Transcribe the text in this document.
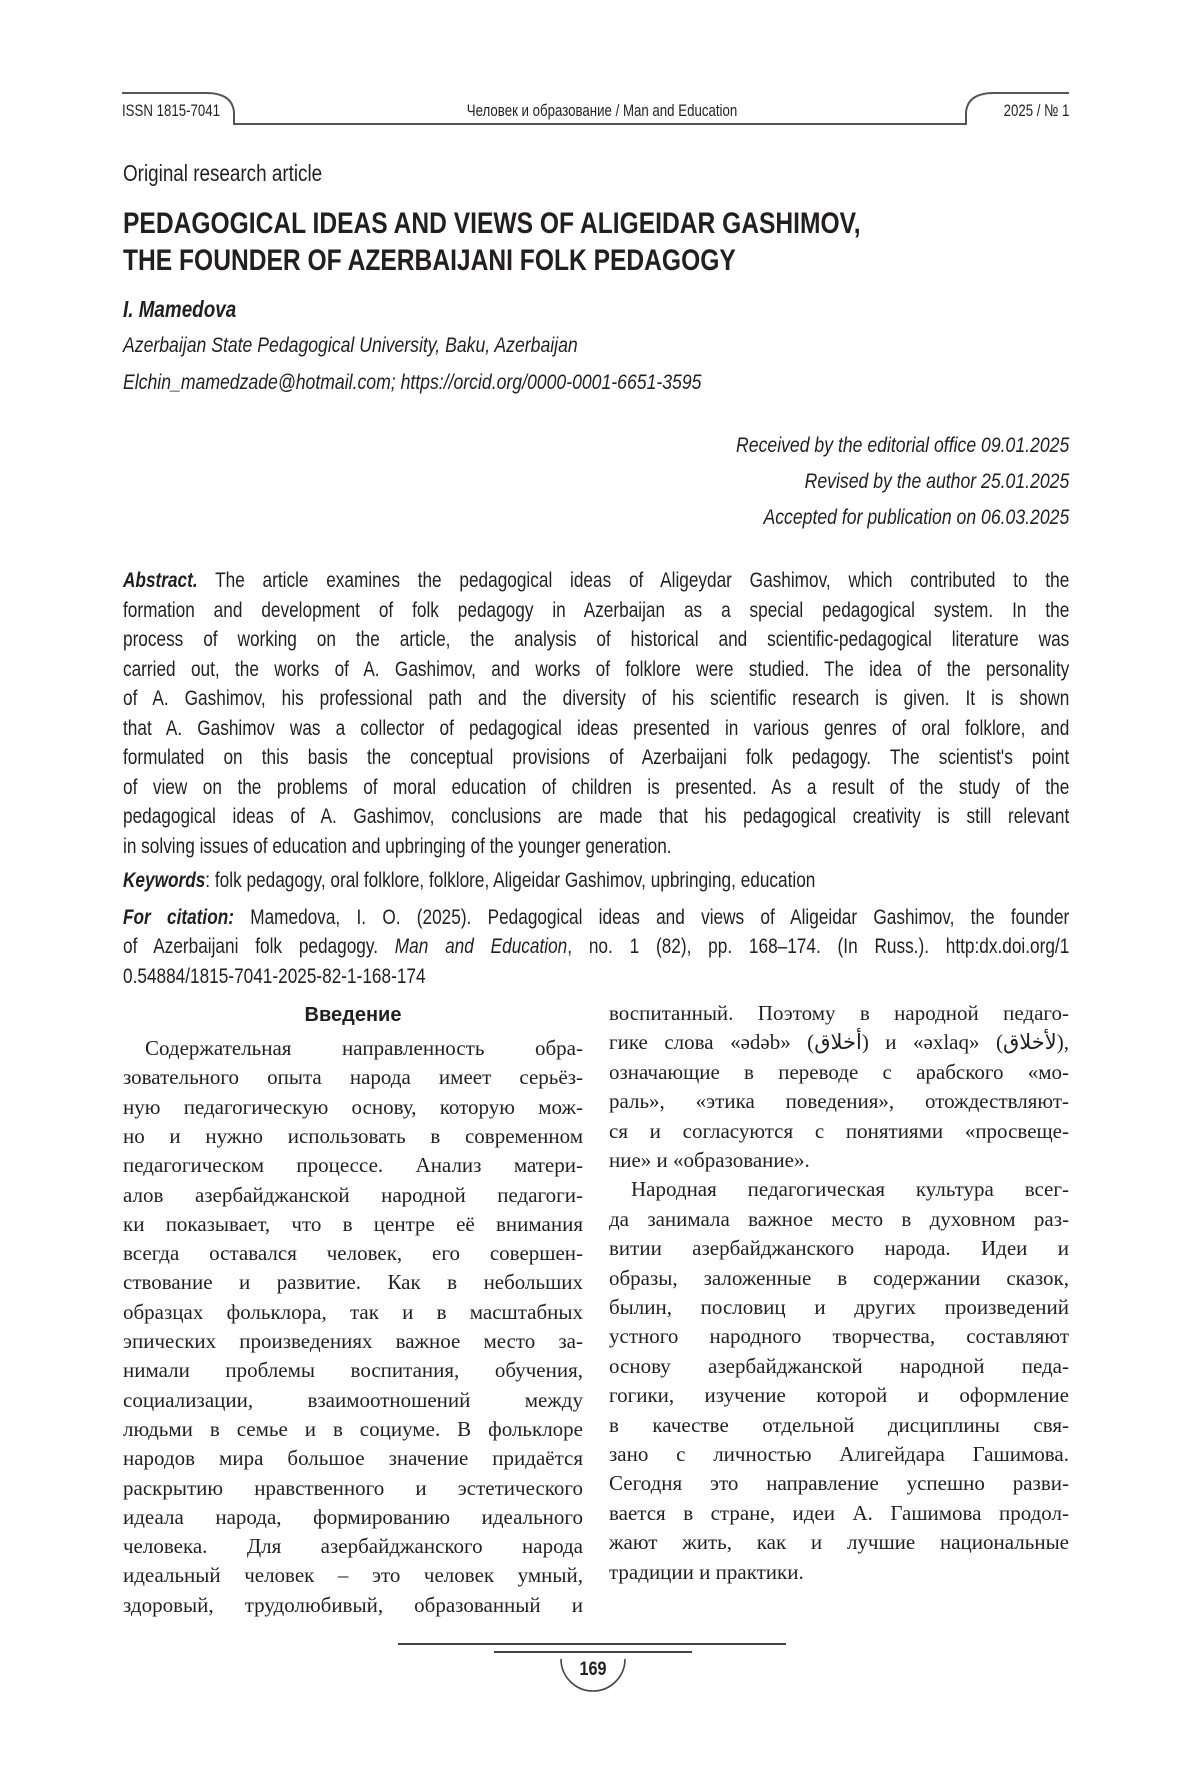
ISSN 1815-7041	Человек и образование / Man and Education	2025 / № 1
Original research article
PEDAGOGICAL IDEAS AND VIEWS OF ALIGEIDAR GASHIMOV,
THE FOUNDER OF AZERBAIJANI FOLK PEDAGOGY
I. Mamedova
Azerbaijan State Pedagogical University, Baku, Azerbaijan
Elchin_mamedzade@hotmail.com; https://orcid.org/0000-0001-6651-3595
Received by the editorial office 09.01.2025
Revised by the author 25.01.2025
Accepted for publication on 06.03.2025
Abstract. The article examines the pedagogical ideas of Aligeydar Gashimov, which contributed to the
formation and development of folk pedagogy in Azerbaijan as a special pedagogical system. In the
process of working on the article, the analysis of historical and scientific-pedagogical literature was
carried out, the works of A. Gashimov, and works of folklore were studied. The idea of the personality
of A. Gashimov, his professional path and the diversity of his scientific research is given. It is shown
that A. Gashimov was a collector of pedagogical ideas presented in various genres of oral folklore, and
formulated on this basis the conceptual provisions of Azerbaijani folk pedagogy. The scientist's point
of view on the problems of moral education of children is presented. As a result of the study of the
pedagogical ideas of A. Gashimov, conclusions are made that his pedagogical creativity is still relevant
in solving issues of education and upbringing of the younger generation.
Keywords: folk pedagogy, oral folklore, folklore, Aligeidar Gashimov, upbringing, education
For citation: Mamedova, I. O. (2025). Pedagogical ideas and views of Aligeidar Gashimov, the founder
of Azerbaijani folk pedagogy. Man and Education, no. 1 (82), pp. 168–174. (In Russ.). http:dx.doi.org/1
0.54884/1815-7041-2025-82-1-168-174
Введение
Содержательная направленность обра-
зовательного опыта народа имеет серьёз-
ную педагогическую основу, которую мож-
но и нужно использовать в современном
педагогическом процессе. Анализ матери-
алов азербайджанской народной педагоги-
ки показывает, что в центре её внимания
всегда оставался человек, его совершен-
ствование и развитие. Как в небольших
образцах фольклора, так и в масштабных
эпических произведениях важное место за-
нимали проблемы воспитания, обучения,
социализации, взаимоотношений между
людьми в семье и в социуме. В фольклоре
народов мира большое значение придаётся
раскрытию нравственного и эстетического
идеала народа, формированию идеального
человека. Для азербайджанского народа
идеальный человек – это человек умный,
здоровый, трудолюбивый, образованный и
воспитанный. Поэтому в народной педаго-
гике слова «ədəb» (⁨أخلاق⁩) и «əxlaq» (⁨لأخلاق⁩),
означающие в переводе с арабского «мо-
раль», «этика поведения», отождествляют-
ся и согласуются с понятиями «просвеще-
ние» и «образование».
Народная педагогическая культура всег-
да занимала важное место в духовном раз-
витии азербайджанского народа. Идеи и
образы, заложенные в содержании сказок,
былин, пословиц и других произведений
устного народного творчества, составляют
основу азербайджанской народной педа-
гогики, изучение которой и оформление
в качестве отдельной дисциплины свя-
зано с личностью Алигейдара Гашимова.
Сегодня это направление успешно разви-
вается в стране, идеи А. Гашимова продол-
жают жить, как и лучшие национальные
традиции и практики.
169
